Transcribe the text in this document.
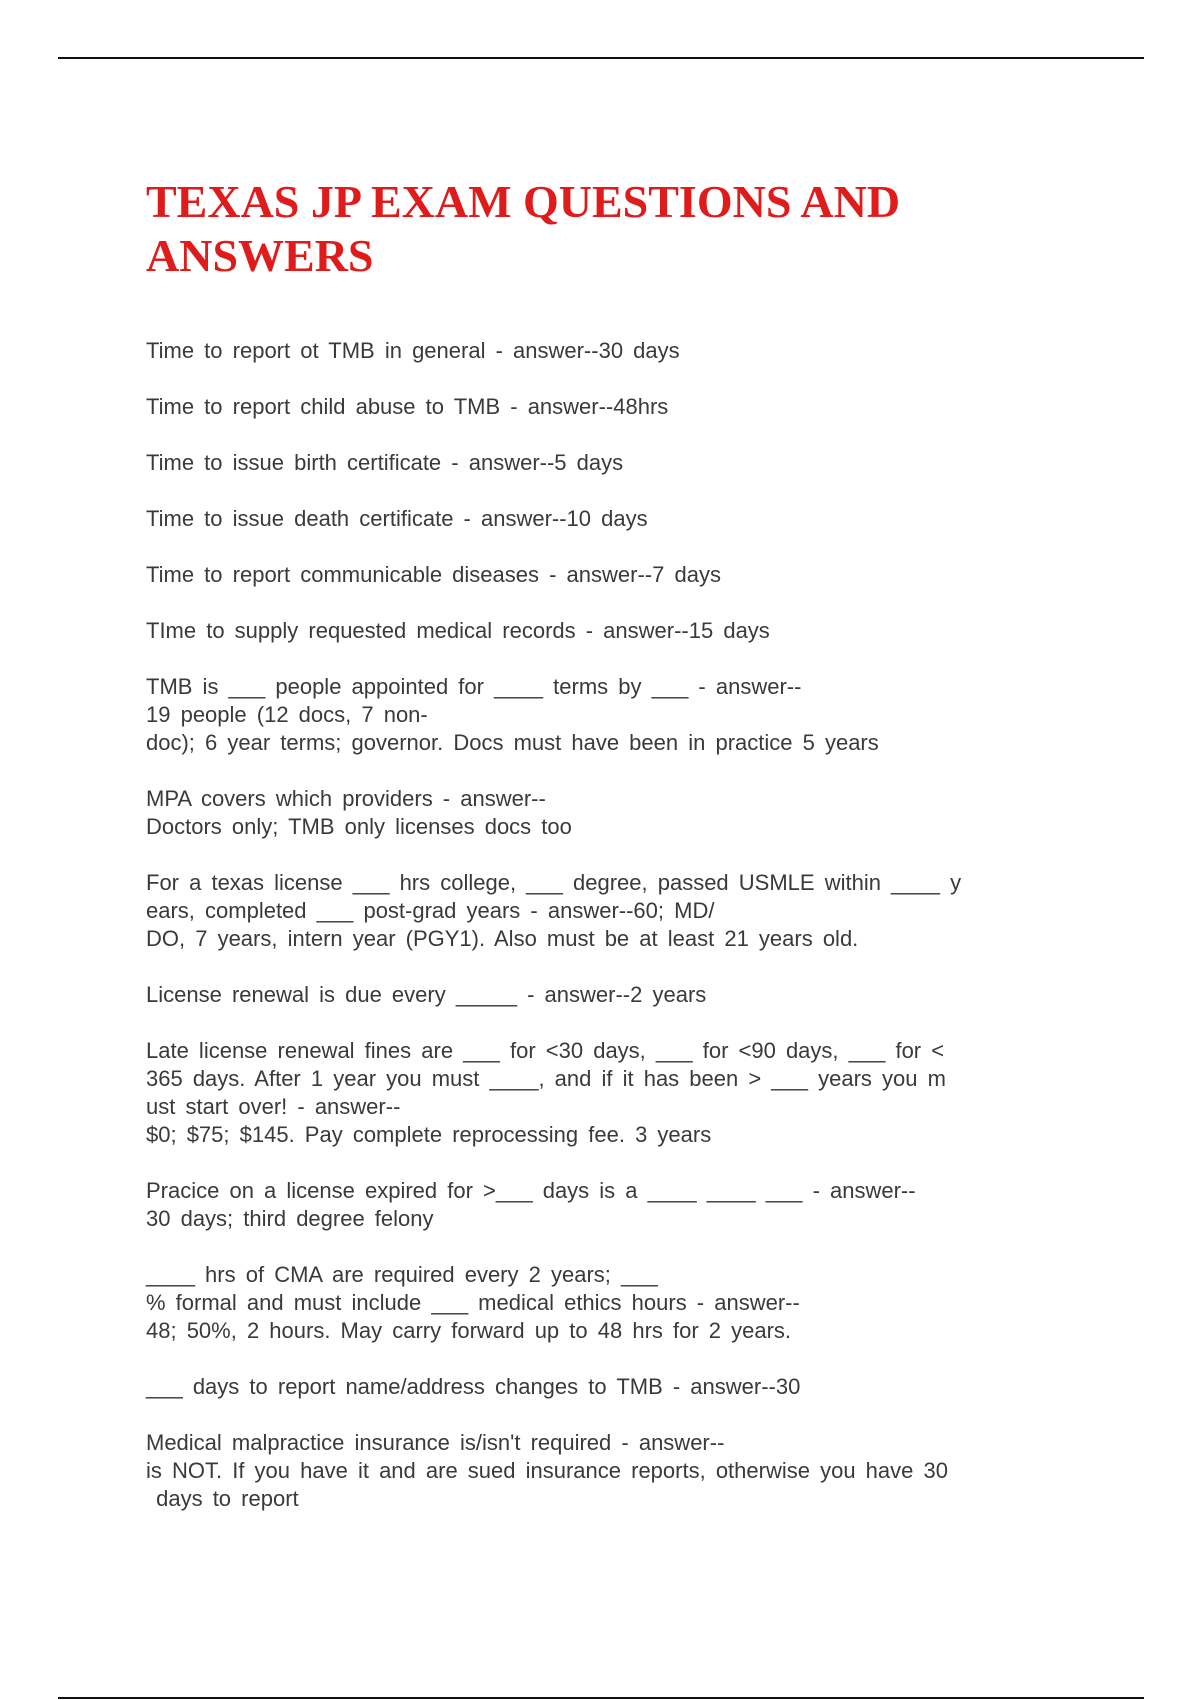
TEXAS JP EXAM QUESTIONS AND
ANSWERS

Time to report ot TMB in general - answer--30 days

Time to report child abuse to TMB - answer--48hrs

Time to issue birth certificate - answer--5 days

Time to issue death certificate - answer--10 days

Time to report communicable diseases - answer--7 days

TIme to supply requested medical records - answer--15 days

TMB is ___ people appointed for ____ terms by ___ - answer--
19 people (12 docs, 7 non-
doc); 6 year terms; governor. Docs must have been in practice 5 years

MPA covers which providers - answer--
Doctors only; TMB only licenses docs too

For a texas license ___ hrs college, ___ degree, passed USMLE within ____ y
ears, completed ___ post-grad years - answer--60; MD/
DO, 7 years, intern year (PGY1). Also must be at least 21 years old.

License renewal is due every _____ - answer--2 years

Late license renewal fines are ___ for <30 days, ___ for <90 days, ___ for <
365 days. After 1 year you must ____, and if it has been > ___ years you m
ust start over! - answer--
$0; $75; $145. Pay complete reprocessing fee. 3 years

Pracice on a license expired for >___ days is a ____ ____ ___ - answer--
30 days; third degree felony

____ hrs of CMA are required every 2 years; ___
% formal and must include ___ medical ethics hours - answer--
48; 50%, 2 hours. May carry forward up to 48 hrs for 2 years.

___ days to report name/address changes to TMB - answer--30

Medical malpractice insurance is/isn't required - answer--
is NOT. If you have it and are sued insurance reports, otherwise you have 30
days to report
